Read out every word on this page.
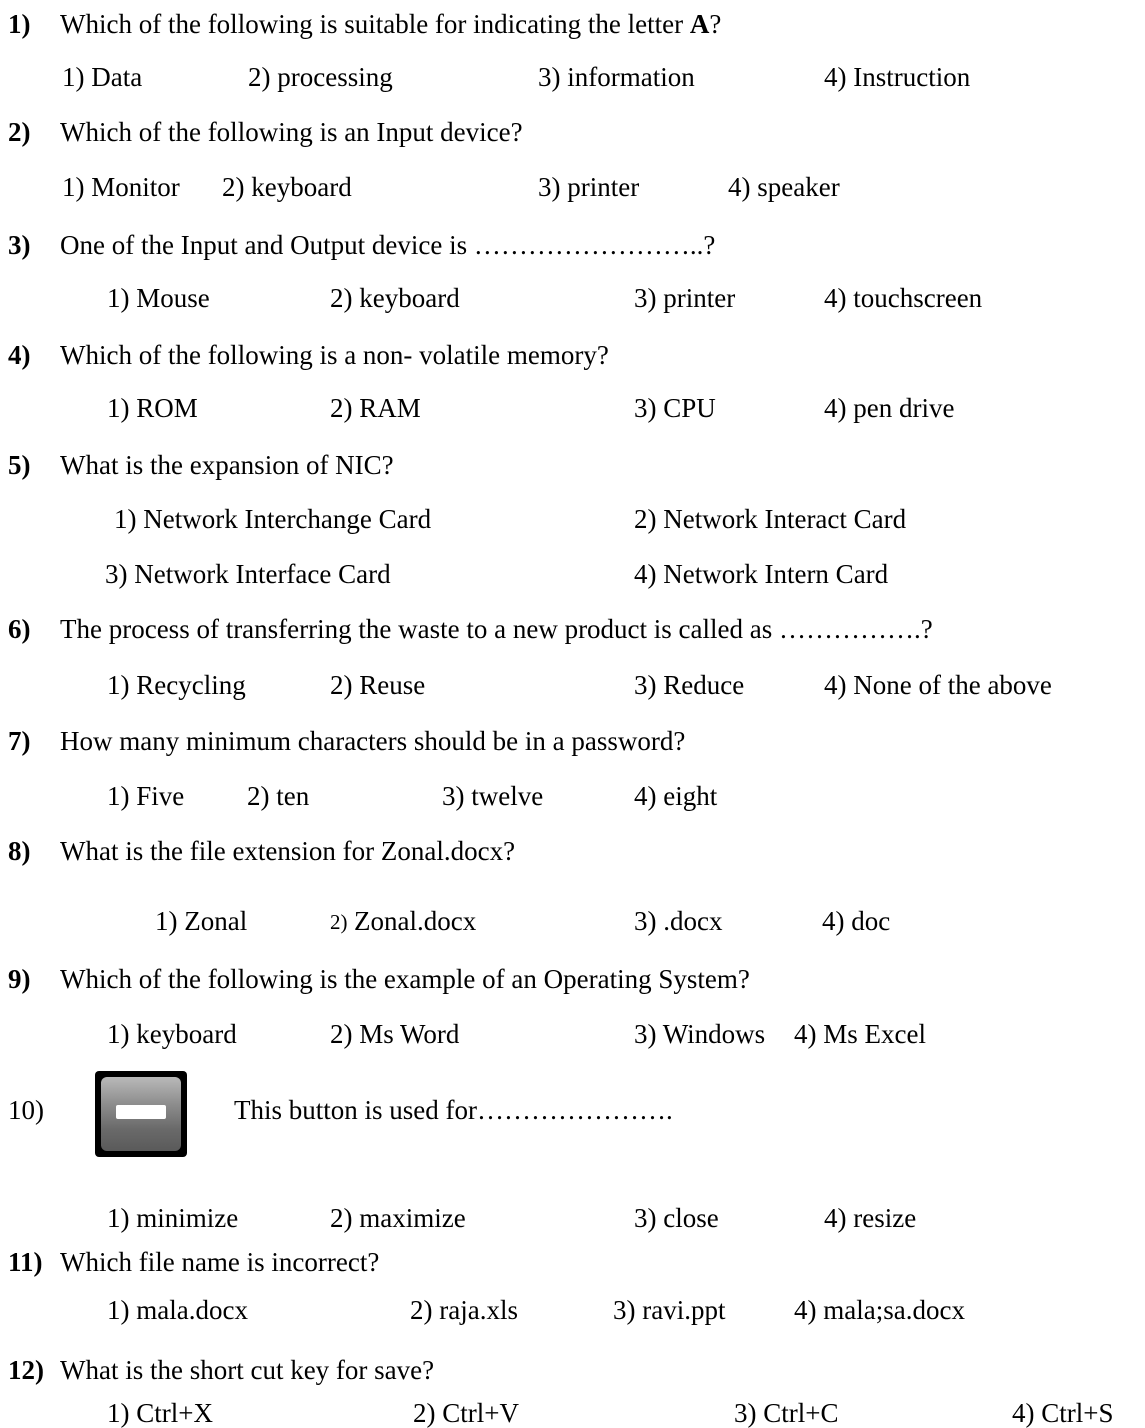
1) Which of the following is suitable for indicating the letter A?
1) Data	2) processing	3) information	4) Instruction
2) Which of the following is an Input device?
1) Monitor 2) keyboard	3) printer	4) speaker
3) One of the Input and Output device is ……………………..?
1) Mouse	2) keyboard	3) printer	4) touchscreen
4) Which of the following is a non- volatile memory?
1) ROM	2) RAM	3) CPU	4) pen drive
5) What is the expansion of NIC?
1) Network Interchange Card	2) Network Interact Card
3) Network Interface Card	4) Network Intern Card
6) The process of transferring the waste to a new product is called as …………….?
1) Recycling	2) Reuse	3) Reduce	4) None of the above
7) How many minimum characters should be in a password?
1) Five 2) ten	3) twelve	4) eight
8) What is the file extension for Zonal.docx?
1) Zonal	2) Zonal.docx	3) .docx	4) doc
9) Which of the following is the example of an Operating System?
1) keyboard	2) Ms Word	3) Windows 4) Ms Excel
10)	This button is used for………………….
1) minimize	2) maximize	3) close	4) resize
11) Which file name is incorrect?
1) mala.docx	2) raja.xls	3) ravi.ppt	4) mala;sa.docx
12) What is the short cut key for save?
1) Ctrl+X	2) Ctrl+V	3) Ctrl+C	4) Ctrl+S
